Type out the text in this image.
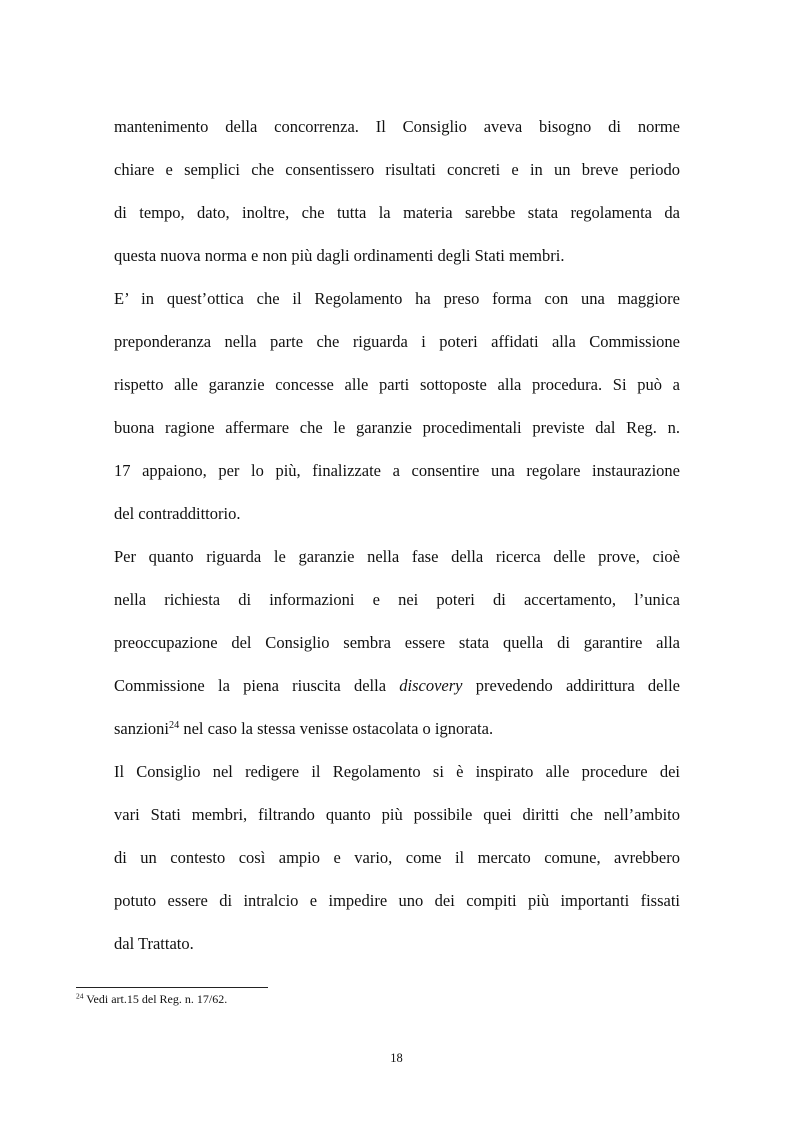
mantenimento della concorrenza. Il Consiglio aveva bisogno di norme
chiare e semplici che consentissero risultati concreti e in un breve periodo
di tempo, dato, inoltre, che tutta la materia sarebbe stata regolamenta da
questa nuova norma e non più dagli ordinamenti degli Stati membri.
E’ in quest’ottica che il Regolamento ha preso forma con una maggiore
preponderanza nella parte che riguarda i poteri affidati alla Commissione
rispetto alle garanzie concesse alle parti sottoposte alla procedura. Si può a
buona ragione affermare che le garanzie procedimentali previste dal Reg. n.
17 appaiono, per lo più, finalizzate a consentire una regolare instaurazione
del contraddittorio.
Per quanto riguarda le garanzie nella fase della ricerca delle prove, cioè
nella richiesta di informazioni e nei poteri di accertamento, l’unica
preoccupazione del Consiglio sembra essere stata quella di garantire alla
Commissione la piena riuscita della discovery prevedendo addirittura delle
sanzioni$^{24}$ nel caso la stessa venisse ostacolata o ignorata.
Il Consiglio nel redigere il Regolamento si è inspirato alle procedure dei
vari Stati membri, filtrando quanto più possibile quei diritti che nell’ambito
di un contesto così ampio e vario, come il mercato comune, avrebbero
potuto essere di intralcio e impedire uno dei compiti più importanti fissati
dal Trattato.
$^{24}$ Vedi art.15 del Reg. n. 17/62.
18
